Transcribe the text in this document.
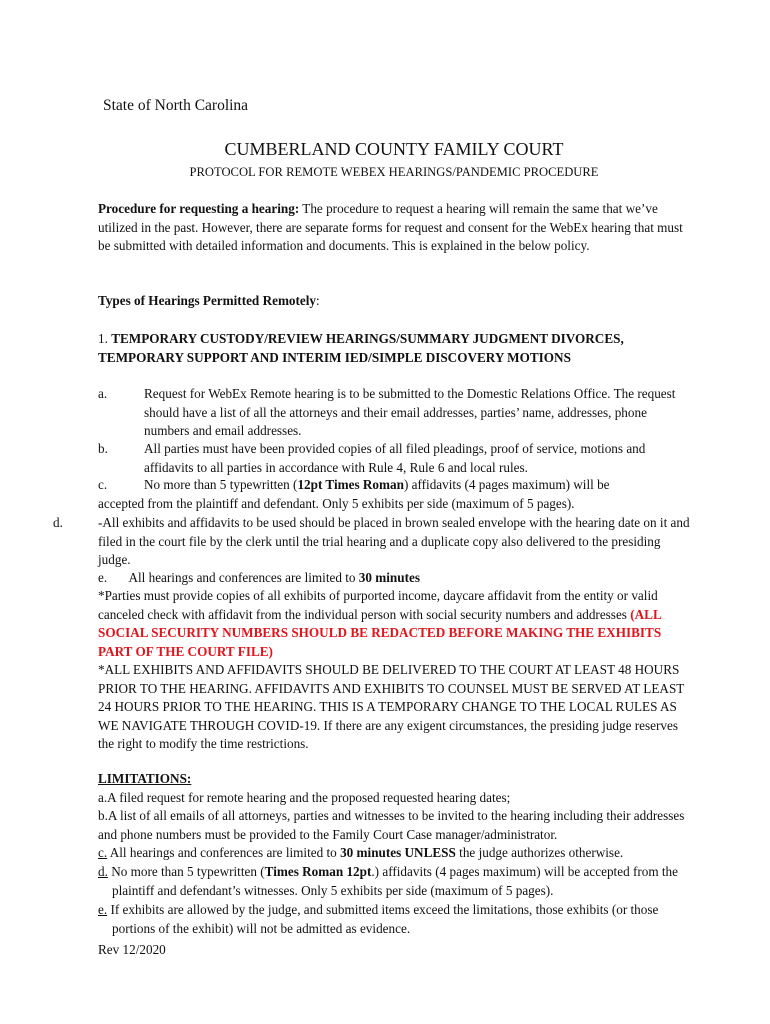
State of North Carolina
CUMBERLAND COUNTY FAMILY COURT
PROTOCOL FOR REMOTE WEBEX HEARINGS/PANDEMIC PROCEDURE
Procedure for requesting a hearing: The procedure to request a hearing will remain the same that we’ve utilized in the past. However, there are separate forms for request and consent for the WebEx hearing that must be submitted with detailed information and documents. This is explained in the below policy.
Types of Hearings Permitted Remotely:
1. TEMPORARY CUSTODY/REVIEW HEARINGS/SUMMARY JUDGMENT DIVORCES, TEMPORARY SUPPORT AND INTERIM IED/SIMPLE DISCOVERY MOTIONS
a.	Request for WebEx Remote hearing is to be submitted to the Domestic Relations Office. The request should have a list of all the attorneys and their email addresses, parties’ name, addresses, phone numbers and email addresses.
b.	All parties must have been provided copies of all filed pleadings, proof of service, motions and affidavits to all parties in accordance with Rule 4, Rule 6 and local rules.
c.	No more than 5 typewritten (12pt Times Roman) affidavits (4 pages maximum) will be
accepted from the plaintiff and defendant. Only 5 exhibits per side (maximum of 5 pages).
d.	-All exhibits and affidavits to be used should be placed in brown sealed envelope with the hearing date on it and filed in the court file by the clerk until the trial hearing and a duplicate copy also delivered to the presiding judge.
e. All hearings and conferences are limited to 30 minutes
*Parties must provide copies of all exhibits of purported income, daycare affidavit from the entity or valid canceled check with affidavit from the individual person with social security numbers and addresses (ALL SOCIAL SECURITY NUMBERS SHOULD BE REDACTED BEFORE MAKING THE EXHIBITS PART OF THE COURT FILE)
*ALL EXHIBITS AND AFFIDAVITS SHOULD BE DELIVERED TO THE COURT AT LEAST 48 HOURS PRIOR TO THE HEARING. AFFIDAVITS AND EXHIBITS TO COUNSEL MUST BE SERVED AT LEAST 24 HOURS PRIOR TO THE HEARING. THIS IS A TEMPORARY CHANGE TO THE LOCAL RULES AS WE NAVIGATE THROUGH COVID-19. If there are any exigent circumstances, the presiding judge reserves the right to modify the time restrictions.
LIMITATIONS:
a.A filed request for remote hearing and the proposed requested hearing dates;
b.A list of all emails of all attorneys, parties and witnesses to be invited to the hearing including their addresses and phone numbers must be provided to the Family Court Case manager/administrator.
c. All hearings and conferences are limited to 30 minutes UNLESS the judge authorizes otherwise.
d. No more than 5 typewritten (Times Roman 12pt.) affidavits (4 pages maximum) will be accepted from the plaintiff and defendant’s witnesses. Only 5 exhibits per side (maximum of 5 pages).
e. If exhibits are allowed by the judge, and submitted items exceed the limitations, those exhibits (or those portions of the exhibit) will not be admitted as evidence.
Rev 12/2020
